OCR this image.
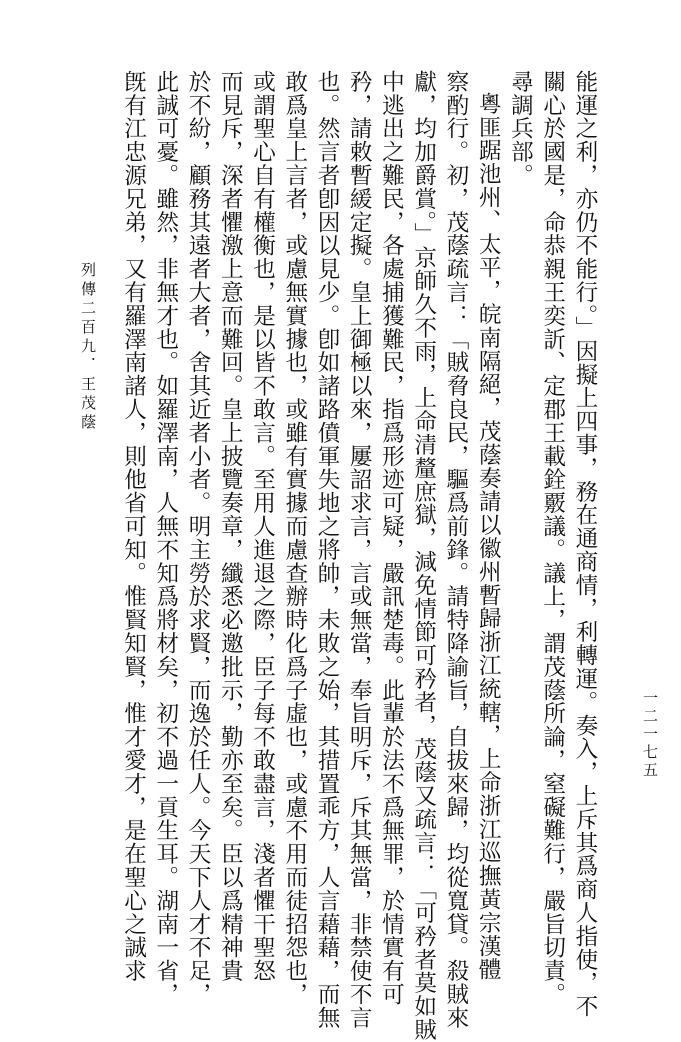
能運之利，亦仍不能行。」因擬上四事，務在通商情，利轉運。奏入，上斥其爲商人指使，不
關心於國是，命恭親王奕訢、定郡王載銓覈議。議上，謂茂蔭所論，窒礙難行，嚴旨切責。
尋調兵部。
粵匪踞池州、太平，皖南隔絕，茂蔭奏請以徽州暫歸浙江統轄，上命浙江巡撫黃宗漢體
察酌行。初，茂蔭疏言：「賊脅良民，驅爲前鋒。請特降諭旨，自拔來歸，均從寬貸。殺賊來
獻，均加爵賞。」京師久不雨，上命清釐庶獄，減免情節可矜者，茂蔭又疏言：「可矜者莫如賊
中逃出之難民，各處捕獲難民，指爲形迹可疑，嚴訊楚毒。此輩於法不爲無罪，於情實有可
矜，請敕暫緩定擬。皇上御極以來，屢詔求言，言或無當，奉旨明斥，斥其無當，非禁使不言
也。然言者卽因以見少。卽如諸路僨軍失地之將帥，未敗之始，其措置乖方，人言藉藉，而無
敢爲皇上言者，或慮無實據也，或雖有實據而慮查辦時化爲子虛也，或慮不用而徒招怨也，
或謂聖心自有權衡也，是以皆不敢言。至用人進退之際，臣子每不敢盡言，淺者懼干聖怒
而見斥，深者懼激上意而難回。皇上披覽奏章，纖悉必邀批示，勤亦至矣。臣以爲精神貴
於不紛，顧務其遠者大者，舍其近者小者。明主勞於求賢，而逸於任人。今天下人才不足，
此誠可憂。雖然，非無才也。如羅澤南，人無不知爲將材矣，初不過一貢生耳。湖南一省，
旣有江忠源兄弟，又有羅澤南諸人，則他省可知。惟賢知賢，惟才愛才，是在聖心之誠求
列傳二百九．王茂蔭
一二一七五
